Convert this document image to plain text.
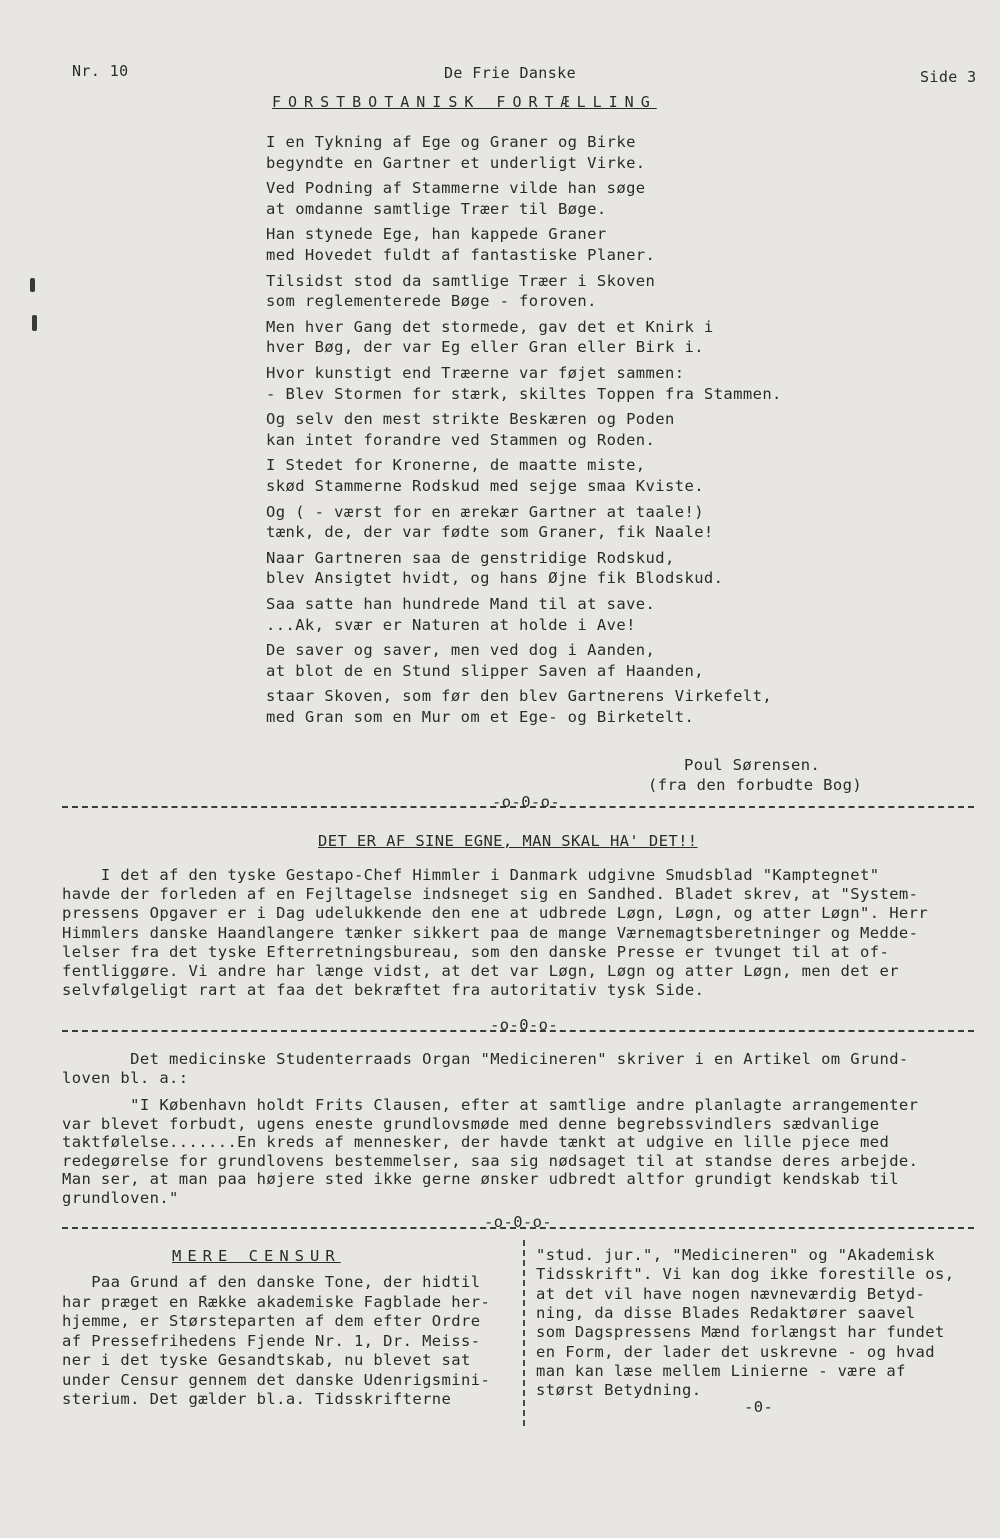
Nr. 10	De Frie Danske	Side 3
FORSTBOTANISK FORTÆLLING
I en Tykning af Ege og Graner og Birke
begyndte en Gartner et underligt Virke.
Ved Podning af Stammerne vilde han søge
at omdanne samtlige Træer til Bøge.
Han stynede Ege, han kappede Graner
med Hovedet fuldt af fantastiske Planer.
Tilsidst stod da samtlige Træer i Skoven
som reglementerede Bøge - foroven.
Men hver Gang det stormede, gav det et Knirk i
hver Bøg, der var Eg eller Gran eller Birk i.
Hvor kunstigt end Træerne var føjet sammen:
- Blev Stormen for stærk, skiltes Toppen fra Stammen.
Og selv den mest strikte Beskæren og Poden
kan intet forandre ved Stammen og Roden.
I Stedet for Kronerne, de maatte miste,
skød Stammerne Rodskud med sejge smaa Kviste.
Og ( - værst for en ærekær Gartner at taale!)
tænk, de, der var fødte som Graner, fik Naale!
Naar Gartneren saa de genstridige Rodskud,
blev Ansigtet hvidt, og hans Øjne fik Blodskud.
Saa satte han hundrede Mand til at save.
...Ak, svær er Naturen at holde i Ave!
De saver og saver, men ved dog i Aanden,
at blot de en Stund slipper Saven af Haanden,
staar Skoven, som før den blev Gartnerens Virkefelt,
med Gran som en Mur om et Ege- og Birketelt.
Poul Sørensen.
(fra den forbudte Bog)
-o-0-o-
DET ER AF SINE EGNE, MAN SKAL HA' DET!!
I det af den tyske Gestapo-Chef Himmler i Danmark udgivne Smudsblad "Kamptegnet"
havde der forleden af en Fejltagelse indsneget sig en Sandhed. Bladet skrev, at "System-
pressens Opgaver er i Dag udelukkende den ene at udbrede Løgn, Løgn, og atter Løgn". Herr
Himmlers danske Haandlangere tænker sikkert paa de mange Værnemagtsberetninger og Medde-
lelser fra det tyske Efterretningsbureau, som den danske Presse er tvunget til at of-
fentliggøre. Vi andre har længe vidst, at det var Løgn, Løgn og atter Løgn, men det er
selvfølgeligt rart at faa det bekræftet fra autoritativ tysk Side.
-o-0-o-
Det medicinske Studenterraads Organ "Medicineren" skriver i en Artikel om Grund-
loven bl. a.:
"I København holdt Frits Clausen, efter at samtlige andre planlagte arrangementer
var blevet forbudt, ugens eneste grundlovsmøde med denne begrebssvindlers sædvanlige
taktfølelse.......En kreds af mennesker, der havde tænkt at udgive en lille pjece med
redegørelse for grundlovens bestemmelser, saa sig nødsaget til at standse deres arbejde.
Man ser, at man paa højere sted ikke gerne ønsker udbredt altfor grundigt kendskab til
grundloven."
-o-0-o-
MERE CENSUR
Paa Grund af den danske Tone, der hidtil
har præget en Række akademiske Fagblade her-
hjemme, er Størsteparten af dem efter Ordre
af Pressefrihedens Fjende Nr. 1, Dr. Meiss-
ner i det tyske Gesandtskab, nu blevet sat
under Censur gennem det danske Udenrigsmini-
sterium. Det gælder bl.a. Tidsskrifterne
"stud. jur.", "Medicineren" og "Akademisk
Tidsskrift". Vi kan dog ikke forestille os,
at det vil have nogen nævneværdig Betyd-
ning, da disse Blades Redaktører saavel
som Dagspressens Mænd forlængst har fundet
en Form, der lader det uskrevne - og hvad
man kan læse mellem Linierne - være af
størst Betydning.
-0-
